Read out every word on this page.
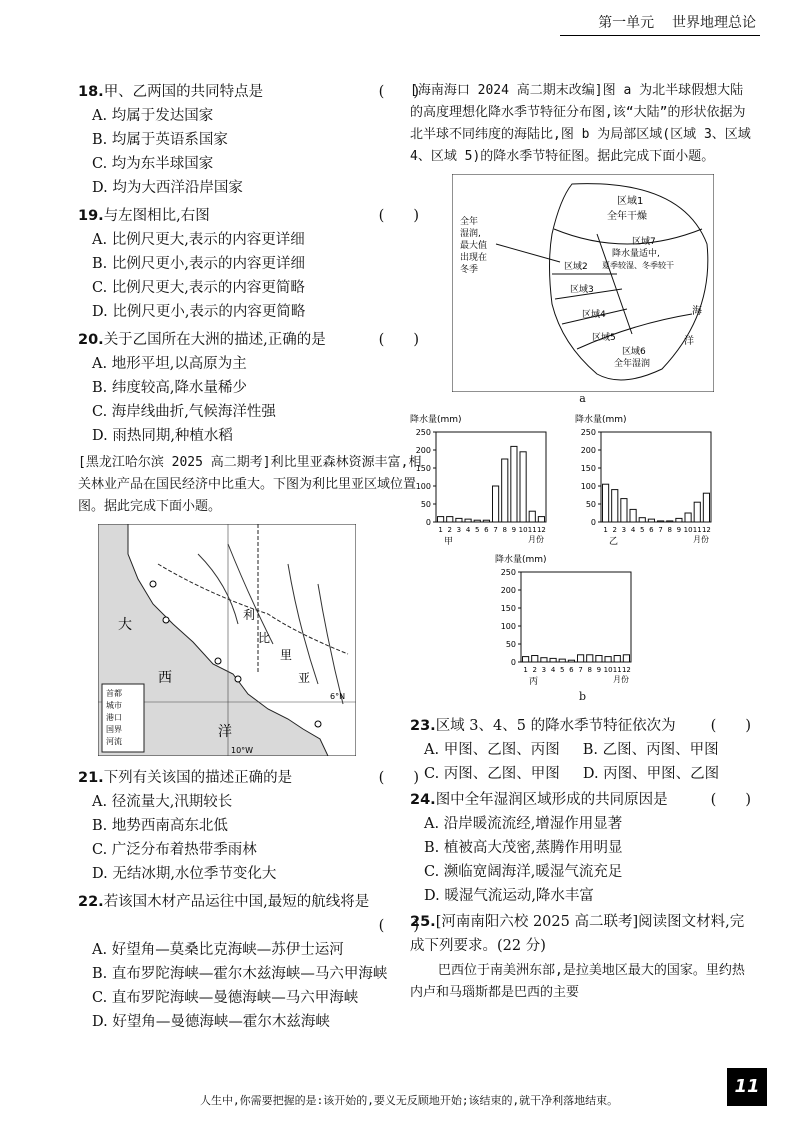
第一单元 世界地理总论
18.甲、乙两国的共同特点是	(　　)
A. 均属于发达国家
B. 均属于英语系国家
C. 均为东半球国家
D. 均为大西洋沿岸国家
19.与左图相比,右图	(　　)
A. 比例尺更大,表示的内容更详细
B. 比例尺更小,表示的内容更详细
C. 比例尺更大,表示的内容更简略
D. 比例尺更小,表示的内容更简略
20.关于乙国所在大洲的描述,正确的是	(　　)
A. 地形平坦,以高原为主
B. 纬度较高,降水量稀少
C. 海岸线曲折,气候海洋性强
D. 雨热同期,种植水稻
[黑龙江哈尔滨 2025 高二期考]利比里亚森林资源丰富,相关林业产品在国民经济中比重大。下图为利比里亚区域位置图。据此完成下面小题。
6°N
10°W
大
西
洋
利
比
里
亚
首都
城市
港口
国界
河流
21.下列有关该国的描述正确的是	(　　)
A. 径流量大,汛期较长
B. 地势西南高东北低
C. 广泛分布着热带季雨林
D. 无结冰期,水位季节变化大
22.若该国木材产品运往中国,最短的航线将是
(　　)
A. 好望角—莫桑比克海峡—苏伊士运河
B. 直布罗陀海峡—霍尔木兹海峡—马六甲海峡
C. 直布罗陀海峡—曼德海峡—马六甲海峡
D. 好望角—曼德海峡—霍尔木兹海峡
[海南海口 2024 高二期末改编]图 a 为北半球假想大陆的高度理想化降水季节特征分布图,该“大陆”的形状依据为北半球不同纬度的海陆比,图 b 为局部区域(区域 3、区域 4、区域 5)的降水季节特征图。据此完成下面小题。
区域1
全年干燥
区域2
区域3
区域4
区域5
区域6
全年湿润
区域7
降水量适中,
夏季较湿、冬季较干
全年
湿润,
最大值
出现在
冬季
海
洋
a
降水量(mm)
0
50
100
150
200
250
1 2 3 4 5 6 7 8 9 10 11 12
月份
甲
降水量(mm)
0
50
100
150
200
250
1 2 3 4 5 6 7 8 9 10 11 12
月份
乙
降水量(mm)
0
50
100
150
200
250
1 2 3 4 5 6 7 8 9 10 11 12
月份
丙
b
23.区域 3、4、5 的降水季节特征依次为 (　　)
A. 甲图、乙图、丙图 B. 乙图、丙图、甲图
C. 丙图、乙图、甲图 D. 丙图、甲图、乙图
24.图中全年湿润区域形成的共同原因是	(　　)
A. 沿岸暖流流经,增湿作用显著
B. 植被高大茂密,蒸腾作用明显
C. 濒临宽阔海洋,暖湿气流充足
D. 暖湿气流运动,降水丰富
25.[河南南阳六校 2025 高二联考]阅读图文材料,完成下列要求。(22 分)
巴西位于南美洲东部,是拉美地区最大的国家。里约热内卢和马瑙斯都是巴西的主要
人生中,你需要把握的是:该开始的,要义无反顾地开始;该结束的,就干净利落地结束。
11
